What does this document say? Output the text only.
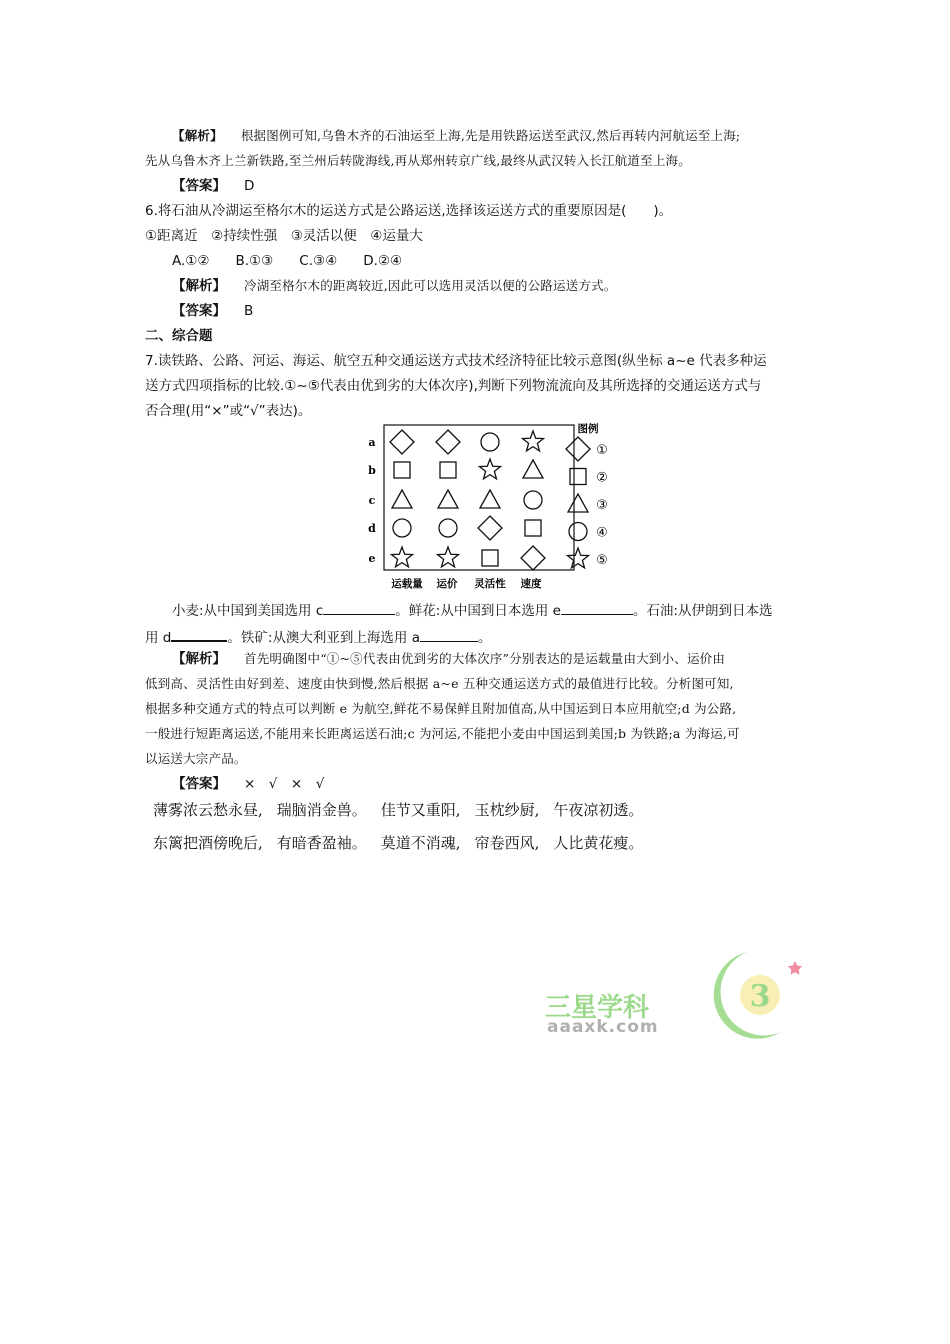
【解析】 根据图例可知,乌鲁木齐的石油运至上海,先是用铁路运送至武汉,然后再转内河航运至上海;
先从乌鲁木齐上兰新铁路,至兰州后转陇海线,再从郑州转京广线,最终从武汉转入长江航道至上海。
【答案】 D
6.将石油从冷湖运至格尔木的运送方式是公路运送,选择该运送方式的重要原因是(　　)。
①距离近　②持续性强　③灵活以便　④运量大
A.①② B.①③ C.③④ D.②④
【解析】 冷湖至格尔木的距离较近,因此可以选用灵活以便的公路运送方式。
【答案】 B
二、综合题
7.读铁路、公路、河运、海运、航空五种交通运送方式技术经济特征比较示意图(纵坐标 a~e 代表多种运
送方式四项指标的比较.①~⑤代表由优到劣的大体次序),判断下列物流流向及其所选择的交通运送方式与
否合理(用“×”或“√”表达)。
a
b
c
d
e
运载量 运价 灵活性 速度
图例
①
②
③
④
⑤
小麦:从中国到美国选用 c	。鲜花:从中国到日本选用 e	。石油:从伊朗到日本选
用 d	。铁矿:从澳大利亚到上海选用 a	。
【解析】 首先明确图中“①~⑤代表由优到劣的大体次序”分别表达的是运载量由大到小、运价由
低到高、灵活性由好到差、速度由快到慢,然后根据 a~e 五种交通运送方式的最值进行比较。分析图可知,
根据多种交通方式的特点可以判断 e 为航空,鲜花不易保鲜且附加值高,从中国运到日本应用航空;d 为公路,
一般进行短距离运送,不能用来长距离运送石油;c 为河运,不能把小麦由中国运到美国;b 为铁路;a 为海运,可
以运送大宗产品。
【答案】 ×　√　×　√
薄雾浓云愁永昼, 瑞脑消金兽。 佳节又重阳, 玉枕纱厨, 午夜凉初透。
东篱把酒傍晚后, 有暗香盈袖。 莫道不消魂, 帘卷西风, 人比黄花瘦。
三星学科
aaaxk.com
3
